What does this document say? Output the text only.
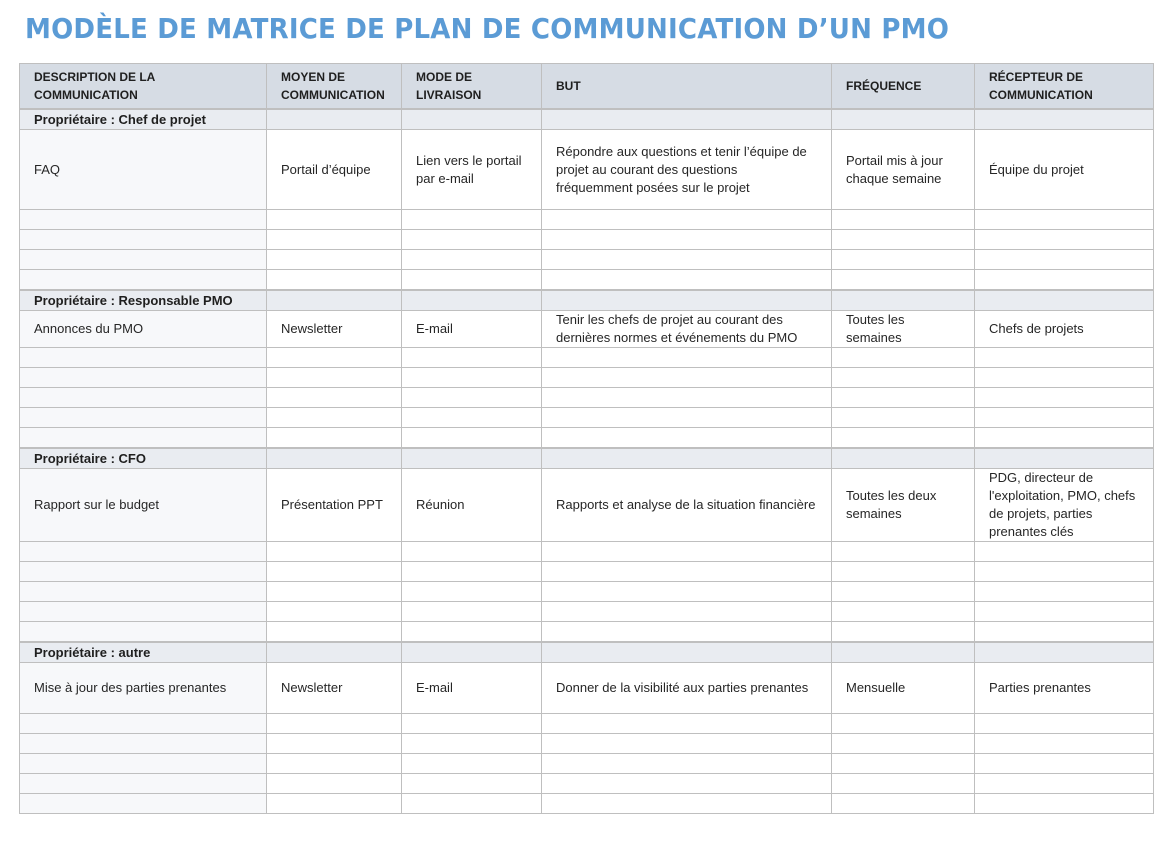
MODÈLE DE MATRICE DE PLAN DE COMMUNICATION D’UN PMO
DESCRIPTION DE LA COMMUNICATION	MOYEN DE COMMUNICATION	MODE DE LIVRAISON	BUT	FRÉQUENCE	RÉCEPTEUR DE COMMUNICATION
Propriétaire : Chef de projet					
FAQ	Portail d’équipe	Lien vers le portail par e-mail	Répondre aux questions et tenir l’équipe de projet au courant des questions fréquemment posées sur le projet	Portail mis à jour chaque semaine	Équipe du projet

Propriétaire : Responsable PMO					
Annonces du PMO	Newsletter	E-mail	Tenir les chefs de projet au courant des dernières normes et événements du PMO	Toutes les semaines	Chefs de projets

Propriétaire : CFO					
Rapport sur le budget	Présentation PPT	Réunion	Rapports et analyse de la situation financière	Toutes les deux semaines	PDG, directeur de l'exploitation, PMO, chefs de projets, parties prenantes clés

Propriétaire : autre					
Mise à jour des parties prenantes	Newsletter	E-mail	Donner de la visibilité aux parties prenantes	Mensuelle	Parties prenantes
